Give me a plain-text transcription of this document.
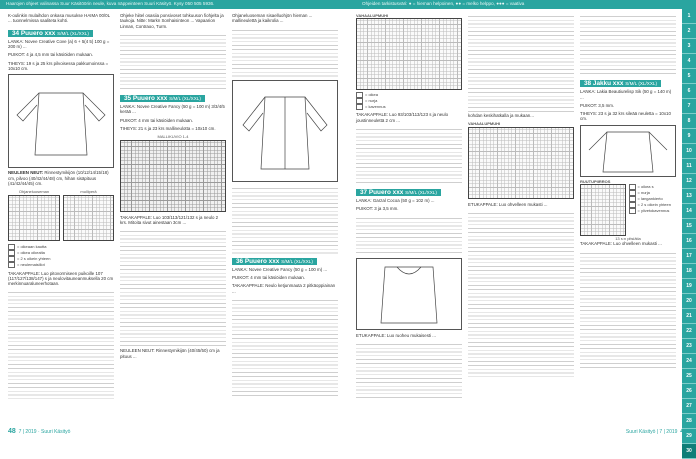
Haarojen ohjeet valinassa Suur Käsitöörin neule, kuva näppeinteen Suuri Käsityö. Kysy 050 505 5936.	Ohjeiden tarkistusväri: ● = hieman helpoinen, ●● = melko helppo, ●●● = vaativa
K-oulinkin mulaihdon onkasa musukse HAIMA 00/0L ... tuonnelmissa saaliteta kohti.
34 Puuero xxx S/M/L (XL/XXL)
LANKA: Novee Creative Cove (a) 6 + 5(4 5) 100 g = 200 m) ...
PUIKOT: 4 ja 4,5 mm tai käsiöiden mukaan.
TIHEYS: 19 s ja 25 krs pilvoisessa pakkumoinssa = 10x10 cm.
NEULEEN NEUT: Rinnestymikijön (10/12/14/15/18) cm, pilvoo (40/42/44/48) cm, hihan sisäpituus (41/42/44/45) cm.
Ohjaneluoseman	mulliperä
= oikeaan kautta
= oikea oikealta
= 2 s oikein yhteen
= neulemaisillot
TAKAKAPPALE: Luo pitovormiseen puikoille 107 (117/127/138/147) s ja neulovitauneanmuksella 20 cm merkinnuaraluneerhotaan.
Ohjeke hiitel osasiia ponsivoset tohkuuson fiohjelta ja taukoja. Nitte: Markn Sonhaisinteon ... Vapaarion Linnan, Contraoo, Turm.
35 Puuero xxx S/M/L (XL/XXL)
LANKA: Novee Creative Fancy (50 g = 100 m) 3/3/4/5 kerää ...
PUIKOT: 4 mm tai käsiöiden mukaan.
TIHEYS: 21 s ja 23 krs mallineulotta = 10x10 cm.
MALLIKUVIO 1-4
TAKAKAPPALE: Luo 103/113/121/132 s ja neulo 2 krs. Mitoita sivut ainestaan 3cm ...
NEULEEN NEUT: Rinnestymikijön (40/45/50) cm ja pituus ...
Ohjaneluoseman sisaelluohjön hieman ... mallineulettä ja kaikrolia ...
36 Puuero xxx S/M/L (XL/XXL)
LANKA: Novee Creative Fancy (50 g = 100 m) ...
PUIKOT: 4 mm tai käsiöiden mukaan.
TAKAKAPPALE: Neulo ketjunmauta 2 pitkäoppiainan ...
48 7 | 2019 · Suuri Käsityö
VAHAALUPMUHI
= oikea
= nurja
= kavennus
TAKAKAPPALE: Luo 93/103/113/123 s ja neulo joustinneulettä 2 cm ...
37 Puuero xxx S/M/L (XL/XXL)
LANKA: Garzal Cocoa (50 g = 102 m) ...
PUIKOT: 3 ja 3,5 mm.
ETUKAPPALE: Luo ruoheu mukaisesti ...
kohdan keskihatkalla ja mukaan...
VAHAALUPMUHI
ETUKAPPALE: Luo ohvelleen mukasti ...
38 Jakku xxx S/M/L (XL/XXL)
LANKA: Lakia Beautiurelisp Sik (50 g = 140 m) ...
PUIKOT: 3,5 mm.
TIHEYS: 23 s ja 32 krs sileää neuletta = 10x10 cm.
RUUTUPIIRROS
= oikea s
= nurja
= langankierto
= 2 s oikein yhteen
= ylivetokavennus
13 s:n pitsiätia
TAKAKAPPALE: Luo ohvelleen mukasti ...
Suuri Käsityö | 7 | 2019
1
2
3
4
5
6
7
8
9
10
11
12
13
14
15
16
17
18
19
20
21
22
23
24
25
26
27
28
29
30
